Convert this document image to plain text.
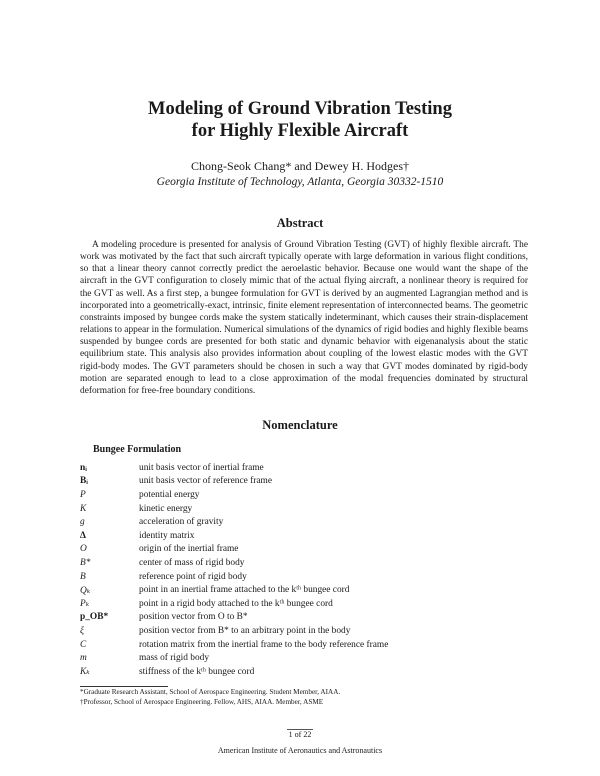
Modeling of Ground Vibration Testing
for Highly Flexible Aircraft
Chong-Seok Chang* and Dewey H. Hodges†
Georgia Institute of Technology, Atlanta, Georgia 30332-1510
Abstract

A modeling procedure is presented for analysis of Ground Vibration Testing (GVT) of highly flexible aircraft. The work was motivated by the fact that such aircraft typically operate with large deformation in various flight conditions, so that a linear theory cannot correctly predict the aeroelastic behavior. Because one would want the shape of the aircraft in the GVT configuration to closely mimic that of the actual flying aircraft, a nonlinear theory is required for the GVT as well. As a first step, a bungee formulation for GVT is derived by an augmented Lagrangian method and is incorporated into a geometrically-exact, intrinsic, finite element representation of interconnected beams. The geometric constraints imposed by bungee cords make the system statically indeterminant, which causes their strain-displacement relations to appear in the formulation. Numerical simulations of the dynamics of rigid bodies and highly flexible beams suspended by bungee cords are presented for both static and dynamic behavior with eigenanalysis about the static equilibrium state. This analysis also provides information about coupling of the lowest elastic modes with the GVT rigid-body modes. The GVT parameters should be chosen in such a way that GVT modes dominated by rigid-body motion are separated enough to lead to a close approximation of the modal frequencies dominated by structural deformation for free-free boundary conditions.

Nomenclature
Bungee Formulation
nᵢ	unit basis vector of inertial frame
Bᵢ	unit basis vector of reference frame
P	potential energy
K	kinetic energy
g	acceleration of gravity
Δ	identity matrix
O	origin of the inertial frame
B*	center of mass of rigid body
B	reference point of rigid body
Qₖ	point in an inertial frame attached to the kᵗʰ bungee cord
Pₖ	point in a rigid body attached to the kᵗʰ bungee cord
p_OB*	position vector from O to B*
ξ	position vector from B* to an arbitrary point in the body
C	rotation matrix from the inertial frame to the body reference frame
m	mass of rigid body
Kₖ	stiffness of the kᵗʰ bungee cord
*Graduate Research Assistant, School of Aerospace Engineering. Student Member, AIAA.
†Professor, School of Aerospace Engineering. Fellow, AHS, AIAA. Member, ASME
1 of 22
American Institute of Aeronautics and Astronautics
